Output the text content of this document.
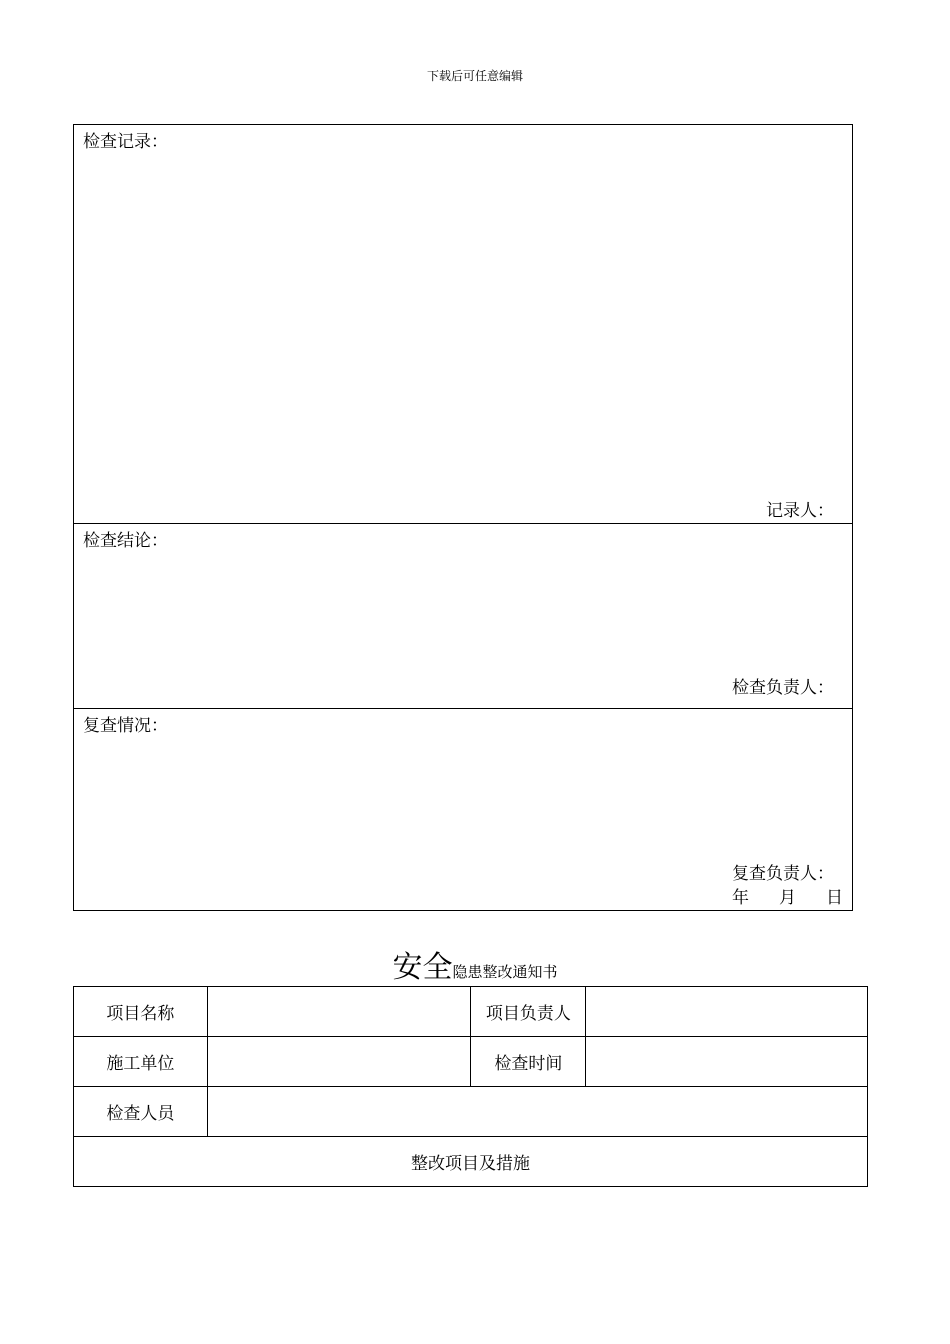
下载后可任意编辑
检查记录：
记录人：
检查结论：
检查负责人：
复查情况：
复查负责人：
年 月 日
安全隐患整改通知书
项目名称		项目负责人	
施工单位		检查时间	
检查人员			
整改项目及措施			
